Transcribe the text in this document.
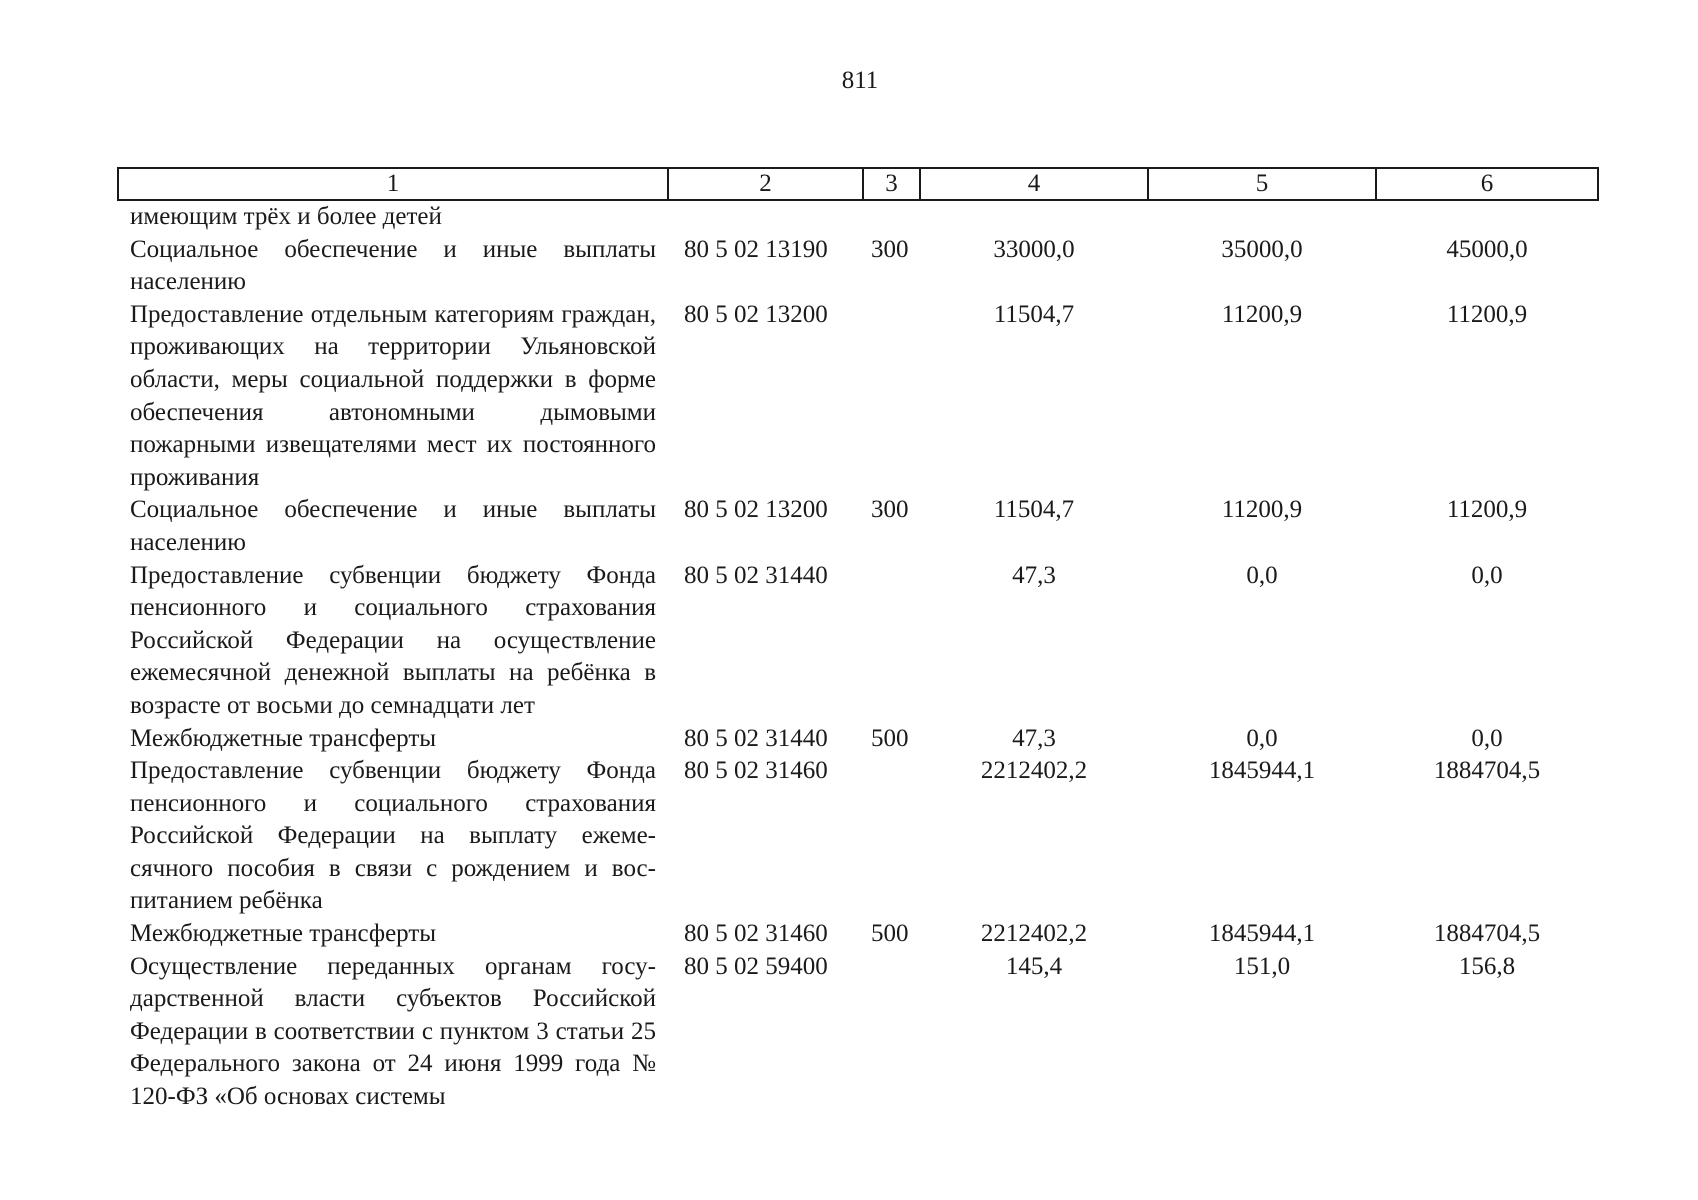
811
1	2	3	4	5	6
имеющим трёх и более детей					
Социальное обеспечение и иные выплаты населению	80 5 02 13190	300	33000,0	35000,0	45000,0
Предоставление отдельным категориям граждан, проживающих на территории Ульяновской области, меры социальной поддержки в форме обеспечения автономными дымовыми пожарными извещателями мест их постоянного проживания	80 5 02 13200		11504,7	11200,9	11200,9
Социальное обеспечение и иные выплаты населению	80 5 02 13200	300	11504,7	11200,9	11200,9
Предоставление субвенции бюджету Фонда пенсионного и социального страхования Российской Федерации на осуществление ежемесячной денежной выплаты на ребёнка в возрасте от восьми до семнадцати лет	80 5 02 31440		47,3	0,0	0,0
Межбюджетные трансферты	80 5 02 31440	500	47,3	0,0	0,0
Предоставление субвенции бюджету Фонда пенсионного и социального страхования Российской Федерации на выплату ежемесячного пособия в связи с рождением и воспитанием ребёнка	80 5 02 31460		2212402,2	1845944,1	1884704,5
Межбюджетные трансферты	80 5 02 31460	500	2212402,2	1845944,1	1884704,5
Осуществление переданных органам государственной власти субъектов Российской Федерации в соответствии с пунктом 3 статьи 25 Федерального закона от 24 июня 1999 года № 120-ФЗ «Об основах системы	80 5 02 59400		145,4	151,0	156,8
